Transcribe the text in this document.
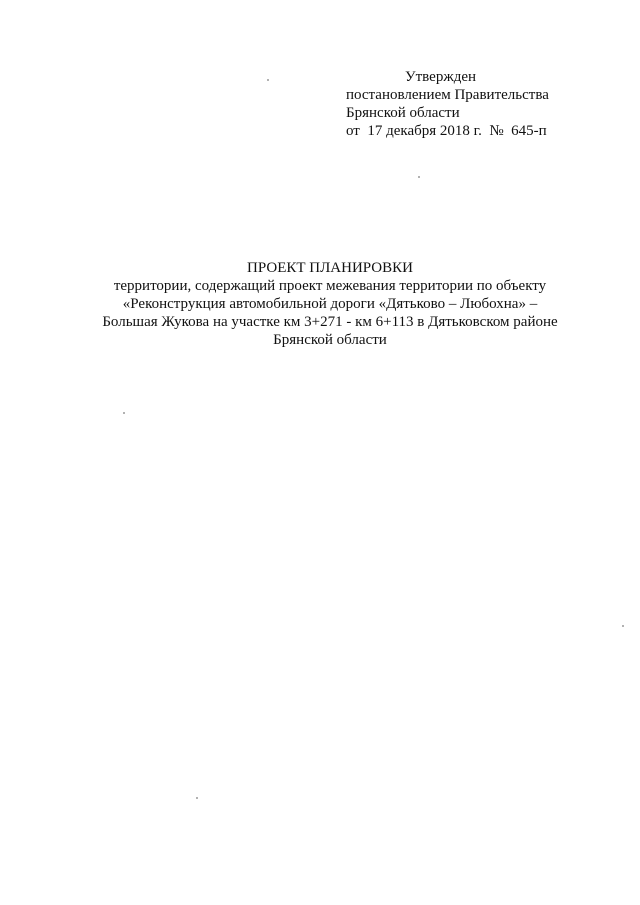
Утвержден
постановлением Правительства
Брянской области
от  17 декабря 2018 г.  №  645-п
ПРОЕКТ ПЛАНИРОВКИ
территории, содержащий проект межевания территории по объекту
«Реконструкция автомобильной дороги «Дятьково – Любохна» –
Большая Жукова на участке км 3+271 - км 6+113 в Дятьковском районе
Брянской области
